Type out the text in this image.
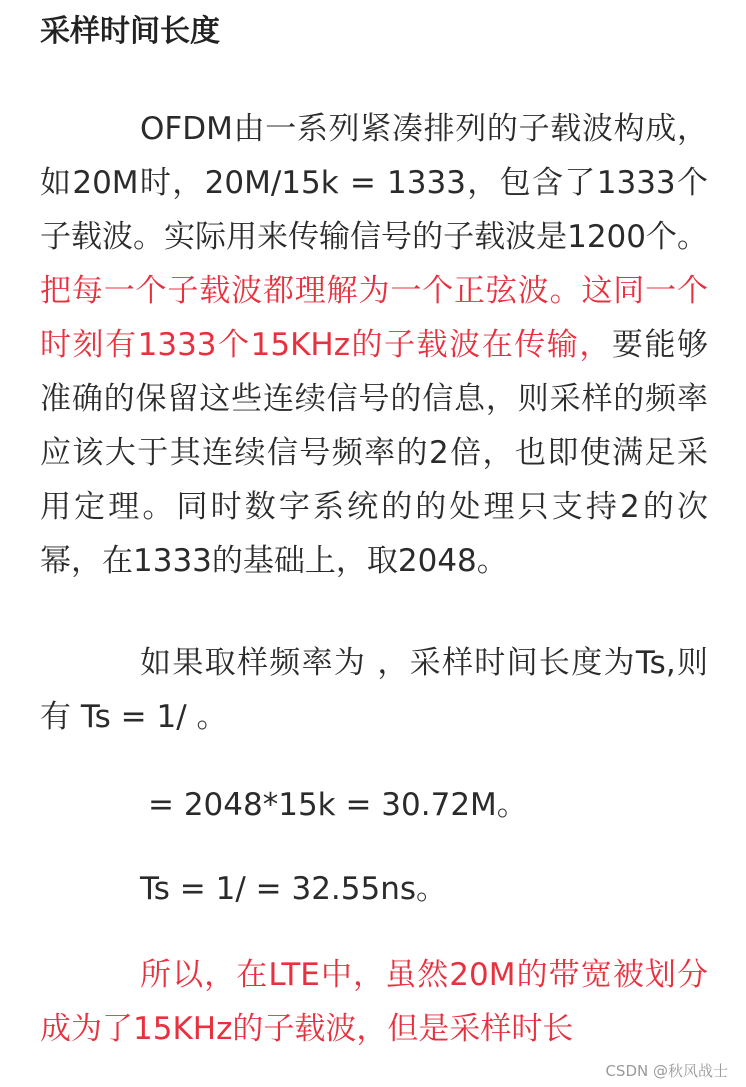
采样时间长度

OFDM由一系列紧凑排列的子载波构成，如20M时，20M/15k = 1333，包含了1333个子载波。实际用来传输信号的子载波是1200个。把每一个子载波都理解为一个正弦波。这同一个时刻有1333个15KHz的子载波在传输，要能够准确的保留这些连续信号的信息，则采样的频率应该大于其连续信号频率的2倍，也即使满足采用定理。同时数字系统的的处理只支持2的次幂，在1333的基础上，取2048。

如果取样频率为 ，采样时间长度为Ts,则有 Ts = 1/ 。

= 2048*15k = 30.72M。

Ts = 1/ = 32.55ns。

所以，在LTE中，虽然20M的带宽被划分成为了15KHz的子载波，但是采样时长

CSDN @秋风战士
